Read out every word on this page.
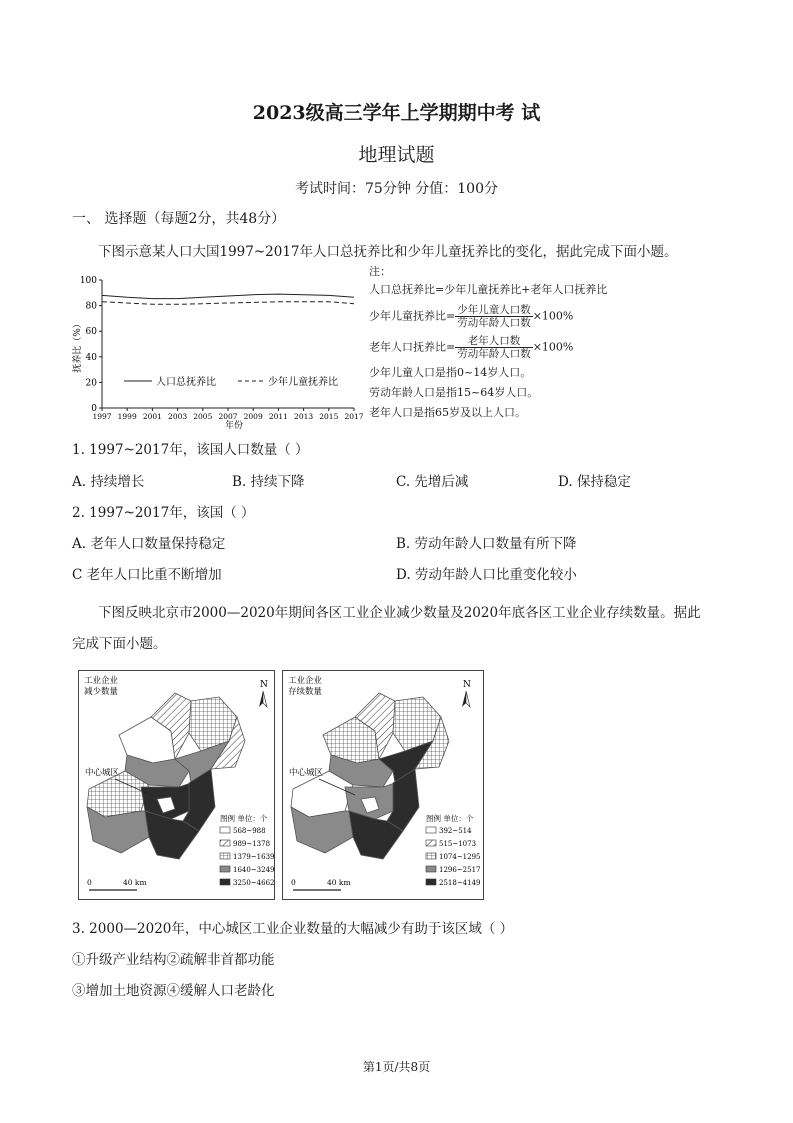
2023级高三学年上学期期中考 试
地理试题
考试时间：75分钟 分值：100分
一、 选择题（每题2分，共48分）
下图示意某人口大国1997~2017年人口总抚养比和少年儿童抚养比的变化，据此完成下面小题。
0
20
40
60
80
100
1997 1999 2001 2003 2005 2007 2009 2011 2013 2015 2017
抚养比（%）
年份
人口总抚养比	少年儿童抚养比
注：
人口总抚养比=少年儿童抚养比+老年人口抚养比
少年儿童抚养比= $\frac{\text{少年儿童人口数}}{\text{劳动年龄人口数}} \times 100\%$
老年人口抚养比= $\frac{\text{老年人口数}}{\text{劳动年龄人口数}} \times 100\%$
少年儿童人口是指0~14岁人口。
劳动年龄人口是指15~64岁人口。
老年人口是指65岁及以上人口。
1. 1997~2017年，该国人口数量（ ）
A. 持续增长	B. 持续下降	C. 先增后减	D. 保持稳定
2. 1997~2017年，该国（ ）
A. 老年人口数量保持稳定	B. 劳动年龄人口数量有所下降
C 老年人口比重不断增加	D. 劳动年龄人口比重变化较小
下图反映北京市2000—2020年期间各区工业企业减少数量及2020年底各区工业企业存续数量。据此
完成下面小题。
工业企业
减少数量
N
中心城区
图例 单位：个
568~988
989~1378
1379~1639
1640~3249
3250~4662
0	40 km
工业企业
存续数量
N
中心城区
图例 单位：个
392~514
515~1073
1074~1295
1296~2517
2518~4149
0	40 km
3. 2000—2020年，中心城区工业企业数量的大幅减少有助于该区域（ ）
①升级产业结构②疏解非首都功能
③增加土地资源④缓解人口老龄化
第1页/共8页
